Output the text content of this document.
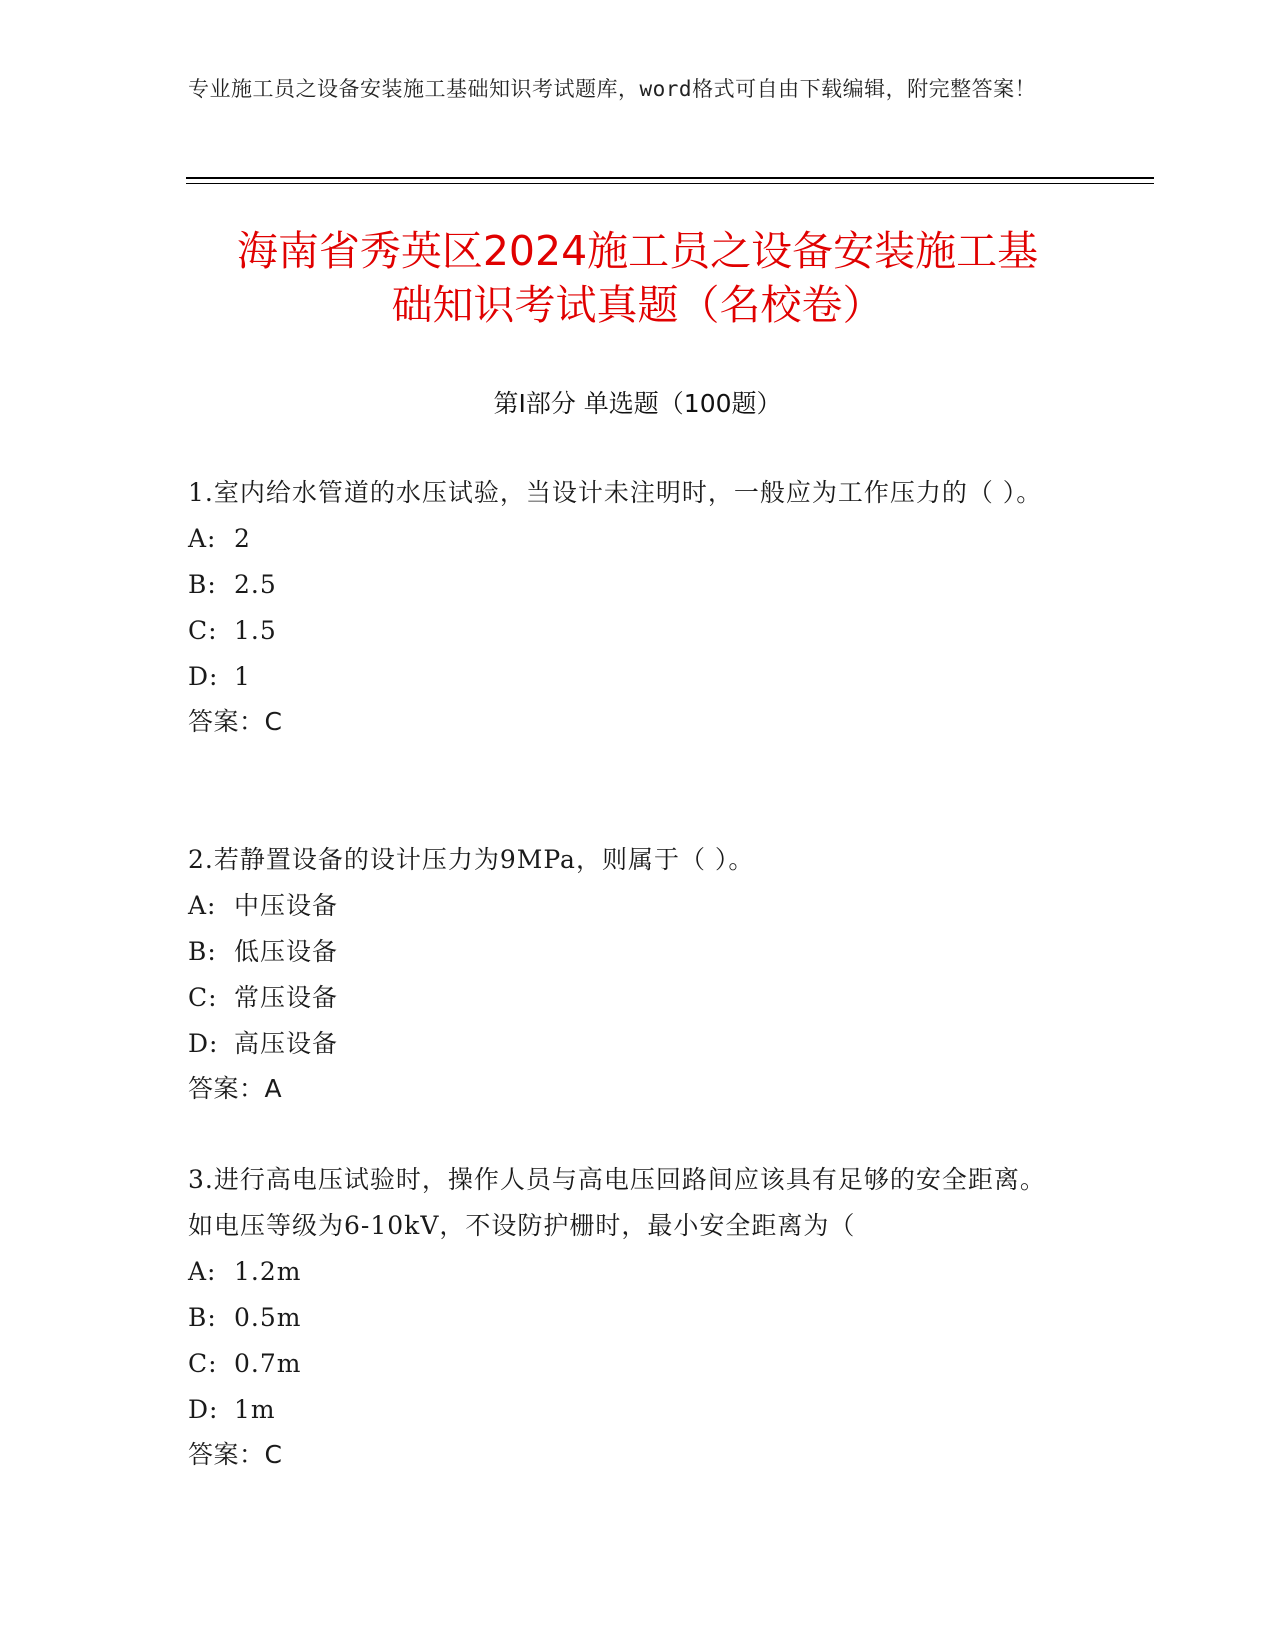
专业施工员之设备安装施工基础知识考试题库，word格式可自由下载编辑，附完整答案！
海南省秀英区2024施工员之设备安装施工基
础知识考试真题（名校卷）
第Ⅰ部分 单选题（100题）

1.室内给水管道的水压试验，当设计未注明时，一般应为工作压力的（ ）。

A: 2

B: 2.5

C: 1.5

D: 1

答案：C

2.若静置设备的设计压力为9MPa，则属于（ ）。

A: 中压设备

B: 低压设备

C: 常压设备

D: 高压设备

答案：A

3.进行高电压试验时，操作人员与高电压回路间应该具有足够的安全距离。如电压等级为6-10kV，不设防护栅时，最小安全距离为（

A: 1.2m

B: 0.5m

C: 0.7m

D: 1m

答案：C
